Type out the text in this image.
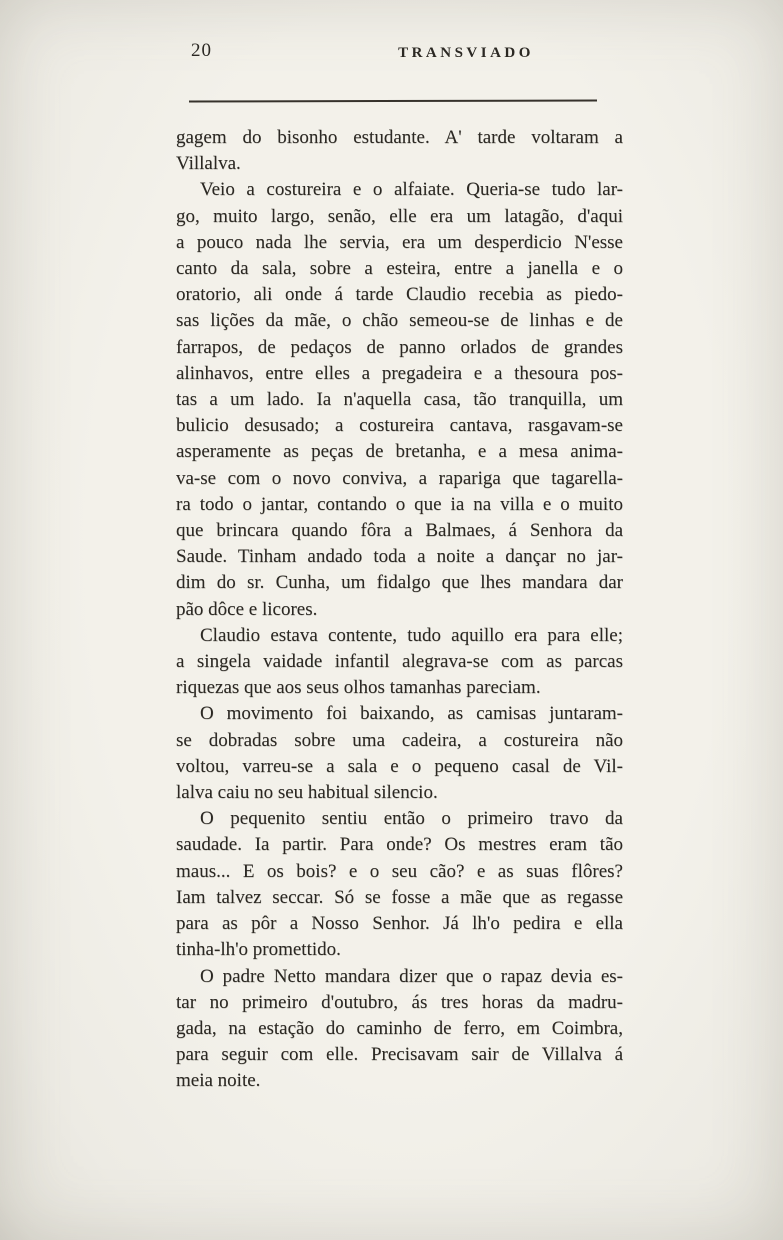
20	TRANSVIADO

gagem do bisonho estudante. A' tarde voltaram a
Villalva.

Veio a costureira e o alfaiate. Queria-se tudo lar-
go, muito largo, senão, elle era um latagão, d'aqui
a pouco nada lhe servia, era um desperdicio N'esse
canto da sala, sobre a esteira, entre a janella e o
oratorio, ali onde á tarde Claudio recebia as piedo-
sas lições da mãe, o chão semeou-se de linhas e de
farrapos, de pedaços de panno orlados de grandes
alinhavos, entre elles a pregadeira e a thesoura pos-
tas a um lado. Ia n'aquella casa, tão tranquilla, um
bulicio desusado; a costureira cantava, rasgavam-se
asperamente as peças de bretanha, e a mesa anima-
va-se com o novo conviva, a rapariga que tagarella-
ra todo o jantar, contando o que ia na villa e o muito
que brincara quando fôra a Balmaes, á Senhora da
Saude. Tinham andado toda a noite a dançar no jar-
dim do sr. Cunha, um fidalgo que lhes mandara dar
pão dôce e licores.

Claudio estava contente, tudo aquillo era para elle;
a singela vaidade infantil alegrava-se com as parcas
riquezas que aos seus olhos tamanhas pareciam.

O movimento foi baixando, as camisas juntaram-
se dobradas sobre uma cadeira, a costureira não
voltou, varreu-se a sala e o pequeno casal de Vil-
lalva caiu no seu habitual silencio.

O pequenito sentiu então o primeiro travo da
saudade. Ia partir. Para onde? Os mestres eram tão
maus... E os bois? e o seu cão? e as suas flôres?
Iam talvez seccar. Só se fosse a mãe que as regasse
para as pôr a Nosso Senhor. Já lh'o pedira e ella
tinha-lh'o promettido.

O padre Netto mandara dizer que o rapaz devia es-
tar no primeiro d'outubro, ás tres horas da madru-
gada, na estação do caminho de ferro, em Coimbra,
para seguir com elle. Precisavam sair de Villalva á
meia noite.
